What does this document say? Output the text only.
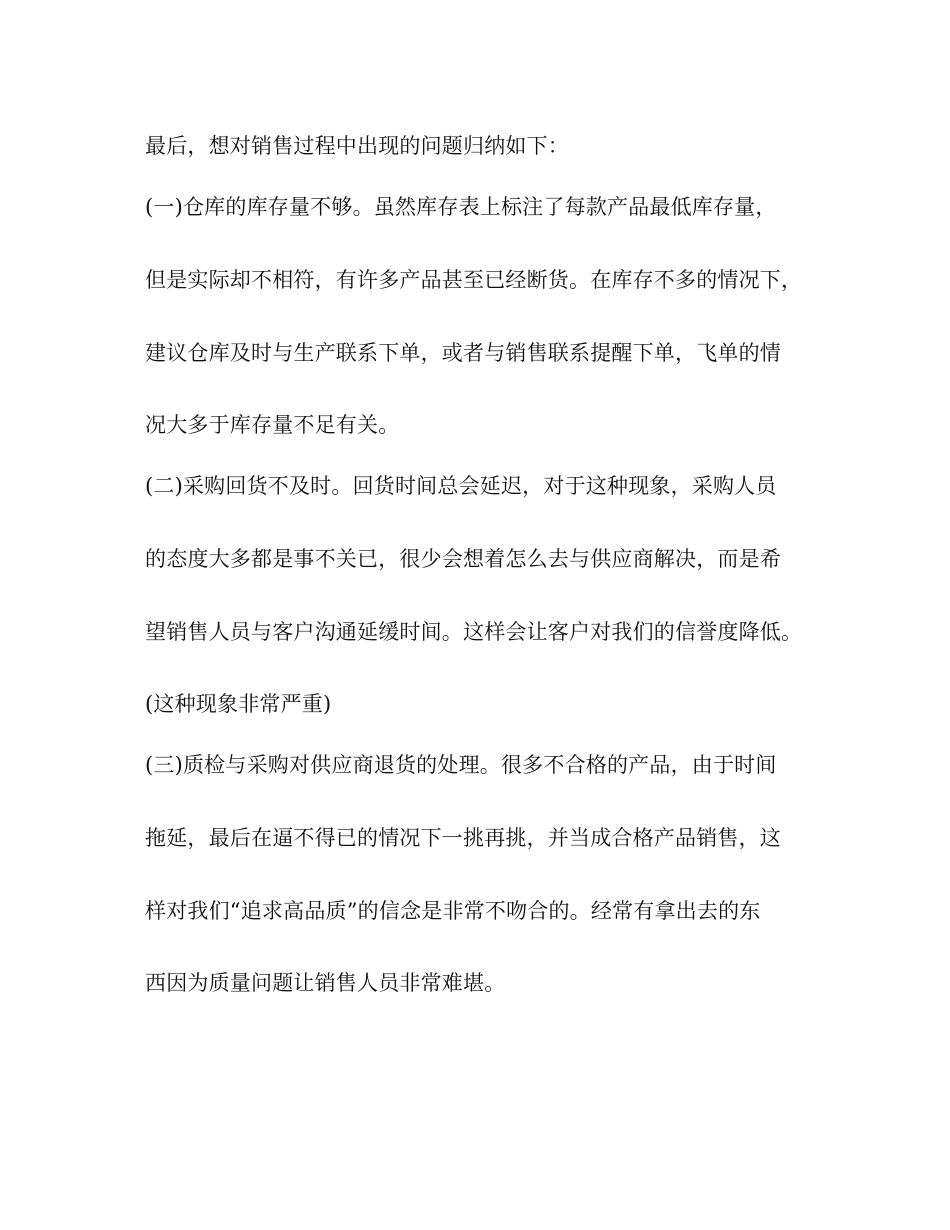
最后，想对销售过程中出现的问题归纳如下：
(一)仓库的库存量不够。虽然库存表上标注了每款产品最低库存量，
但是实际却不相符，有许多产品甚至已经断货。在库存不多的情况下，
建议仓库及时与生产联系下单，或者与销售联系提醒下单，飞单的情
况大多于库存量不足有关。
(二)采购回货不及时。回货时间总会延迟，对于这种现象，采购人员
的态度大多都是事不关已，很少会想着怎么去与供应商解决，而是希
望销售人员与客户沟通延缓时间。这样会让客户对我们的信誉度降低。
(这种现象非常严重)
(三)质检与采购对供应商退货的处理。很多不合格的产品，由于时间
拖延，最后在逼不得已的情况下一挑再挑，并当成合格产品销售，这
样对我们“追求高品质”的信念是非常不吻合的。经常有拿出去的东
西因为质量问题让销售人员非常难堪。
